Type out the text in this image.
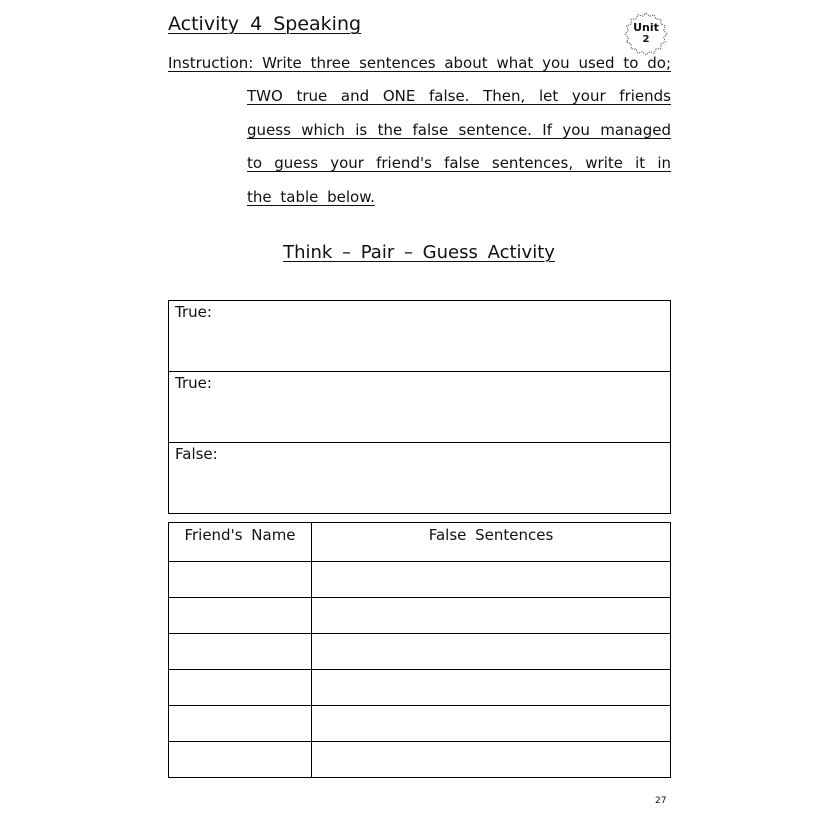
Activity 4 Speaking	Unit
2
Instruction: Write three sentences about what you used to do;
TWO true and ONE false. Then, let your friends
guess which is the false sentence. If you managed
to guess your friend's false sentences, write it in
the table below.
Think – Pair – Guess Activity
True:
True:
False:
Friend's Name	False Sentences

27
